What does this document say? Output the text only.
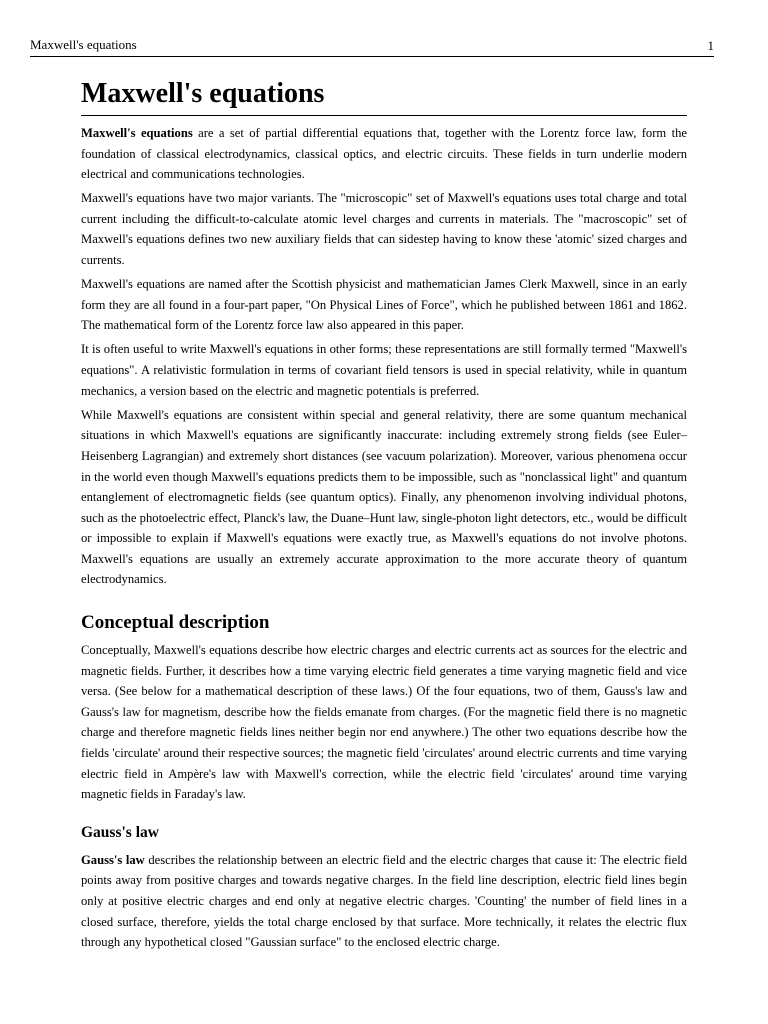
Maxwell's equations	1
Maxwell's equations

Maxwell's equations are a set of partial differential equations that, together with the Lorentz force law, form the foundation of classical electrodynamics, classical optics, and electric circuits. These fields in turn underlie modern electrical and communications technologies.

Maxwell's equations have two major variants. The "microscopic" set of Maxwell's equations uses total charge and total current including the difficult-to-calculate atomic level charges and currents in materials. The "macroscopic" set of Maxwell's equations defines two new auxiliary fields that can sidestep having to know these 'atomic' sized charges and currents.

Maxwell's equations are named after the Scottish physicist and mathematician James Clerk Maxwell, since in an early form they are all found in a four-part paper, "On Physical Lines of Force", which he published between 1861 and 1862. The mathematical form of the Lorentz force law also appeared in this paper.

It is often useful to write Maxwell's equations in other forms; these representations are still formally termed "Maxwell's equations". A relativistic formulation in terms of covariant field tensors is used in special relativity, while in quantum mechanics, a version based on the electric and magnetic potentials is preferred.

While Maxwell's equations are consistent within special and general relativity, there are some quantum mechanical situations in which Maxwell's equations are significantly inaccurate: including extremely strong fields (see Euler–Heisenberg Lagrangian) and extremely short distances (see vacuum polarization). Moreover, various phenomena occur in the world even though Maxwell's equations predicts them to be impossible, such as "nonclassical light" and quantum entanglement of electromagnetic fields (see quantum optics). Finally, any phenomenon involving individual photons, such as the photoelectric effect, Planck's law, the Duane–Hunt law, single-photon light detectors, etc., would be difficult or impossible to explain if Maxwell's equations were exactly true, as Maxwell's equations do not involve photons. Maxwell's equations are usually an extremely accurate approximation to the more accurate theory of quantum electrodynamics.

Conceptual description

Conceptually, Maxwell's equations describe how electric charges and electric currents act as sources for the electric and magnetic fields. Further, it describes how a time varying electric field generates a time varying magnetic field and vice versa. (See below for a mathematical description of these laws.) Of the four equations, two of them, Gauss's law and Gauss's law for magnetism, describe how the fields emanate from charges. (For the magnetic field there is no magnetic charge and therefore magnetic fields lines neither begin nor end anywhere.) The other two equations describe how the fields 'circulate' around their respective sources; the magnetic field 'circulates' around electric currents and time varying electric field in Ampère's law with Maxwell's correction, while the electric field 'circulates' around time varying magnetic fields in Faraday's law.

Gauss's law

Gauss's law describes the relationship between an electric field and the electric charges that cause it: The electric field points away from positive charges and towards negative charges. In the field line description, electric field lines begin only at positive electric charges and end only at negative electric charges. 'Counting' the number of field lines in a closed surface, therefore, yields the total charge enclosed by that surface. More technically, it relates the electric flux through any hypothetical closed "Gaussian surface" to the enclosed electric charge.
